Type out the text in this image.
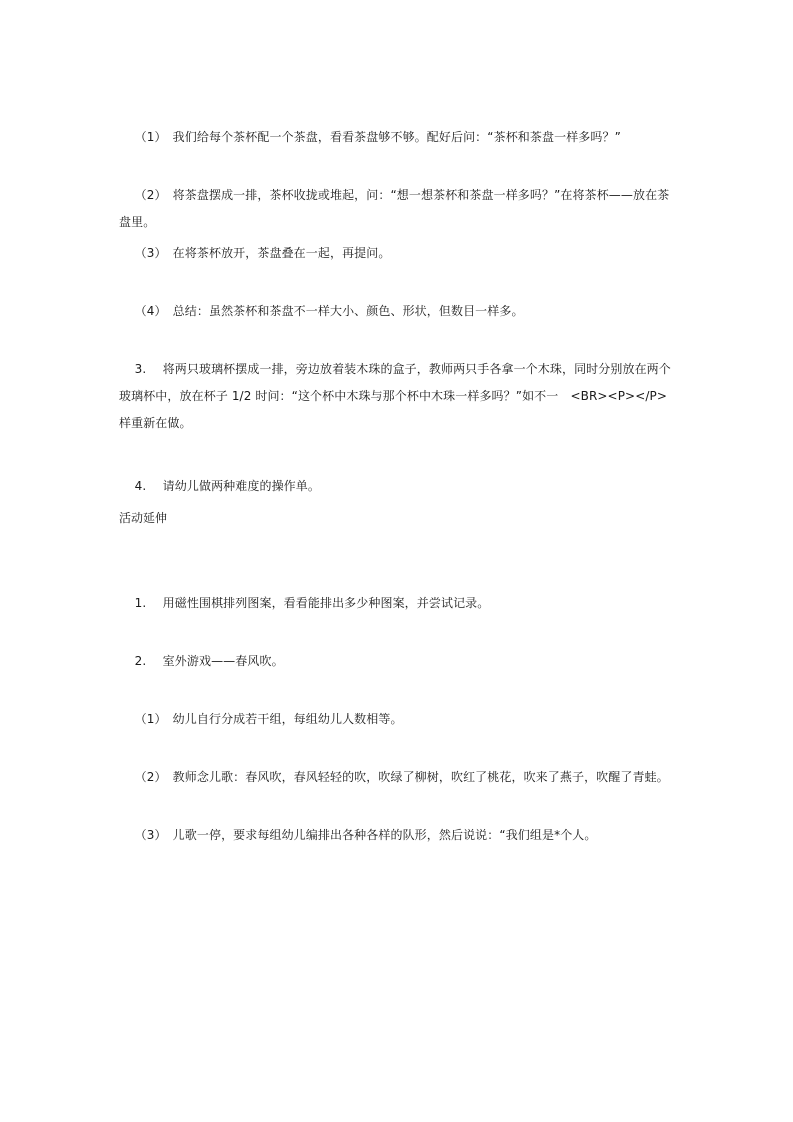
（1） 我们给每个茶杯配一个茶盘，看看茶盘够不够。配好后问：“茶杯和茶盘一样多吗？”

（2） 将茶盘摆成一排，茶杯收拢或堆起，问：“想一想茶杯和茶盘一样多吗？”在将茶杯——放在茶盘里。

（3） 在将茶杯放开，茶盘叠在一起，再提问。

（4） 总结：虽然茶杯和茶盘不一样大小、颜色、形状，但数目一样多。

3. 将两只玻璃杯摆成一排，旁边放着装木珠的盒子，教师两只手各拿一个木珠，同时分别放在两个玻璃杯中，放在杯子 1/2 时问：“这个杯中木珠与那个杯中木珠一样多吗？”如不一　<BR><P></P>样重新在做。

4. 请幼儿做两种难度的操作单。

活动延伸

1. 用磁性围棋排列图案，看看能排出多少种图案，并尝试记录。

2. 室外游戏——春风吹。

（1） 幼儿自行分成若干组，每组幼儿人数相等。

（2） 教师念儿歌：春风吹，春风轻轻的吹，吹绿了柳树，吹红了桃花，吹来了燕子，吹醒了青蛙。

（3） 儿歌一停，要求每组幼儿编排出各种各样的队形，然后说说：“我们组是*个人。
